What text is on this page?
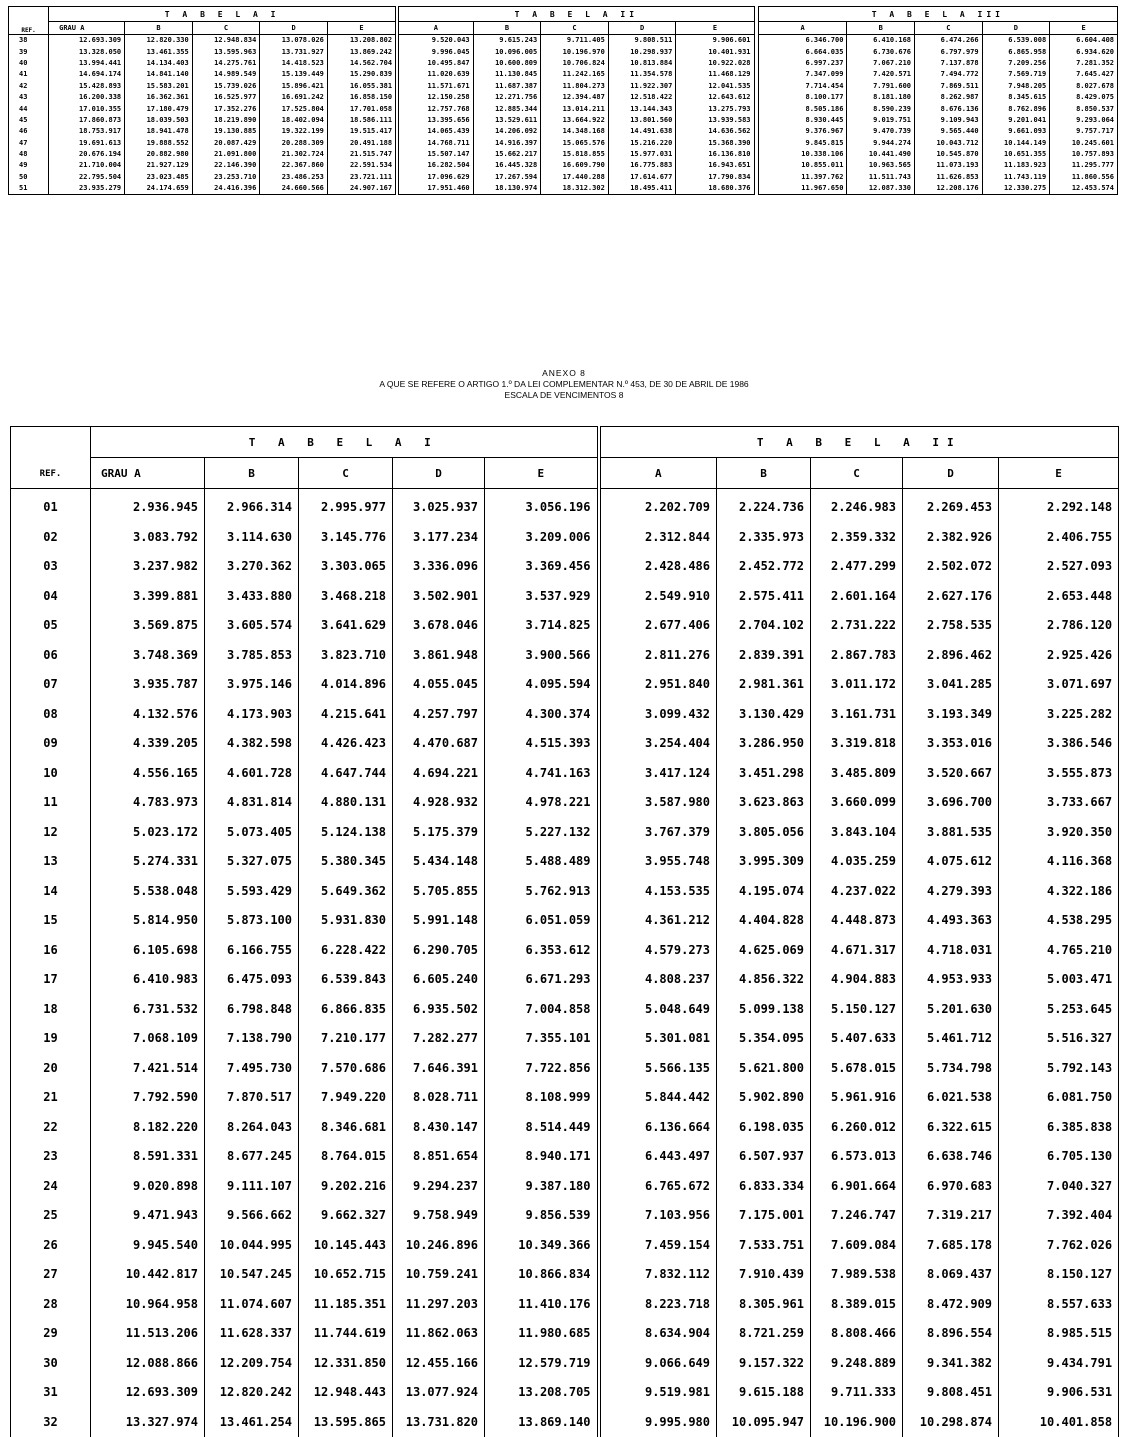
REF.	T A B E L A I					T A B E L A II						T A B E L A III				
	GRAU A	B	C	D	E	A	B	C	D	E		A	B	C	D	E
38	12.693.309	12.820.330	12.948.834	13.078.026	13.208.802	9.520.043	9.615.243	9.711.405	9.808.511	9.906.601		6.346.700	6.410.168	6.474.266	6.539.008	6.604.408
39	13.328.050	13.461.355	13.595.963	13.731.927	13.869.242	9.996.045	10.096.005	10.196.970	10.298.937	10.401.931		6.664.035	6.730.676	6.797.979	6.865.958	6.934.620
40	13.994.441	14.134.403	14.275.761	14.418.523	14.562.704	10.495.847	10.600.809	10.706.824	10.813.884	10.922.028		6.997.237	7.067.210	7.137.878	7.209.256	7.281.352
41	14.694.174	14.841.140	14.989.549	15.139.449	15.290.839	11.020.639	11.130.845	11.242.165	11.354.578	11.468.129		7.347.099	7.420.571	7.494.772	7.569.719	7.645.427
42	15.428.893	15.583.201	15.739.026	15.896.421	16.055.381	11.571.671	11.687.387	11.804.273	11.922.307	12.041.535		7.714.454	7.791.600	7.869.511	7.948.205	8.027.678
43	16.200.338	16.362.361	16.525.977	16.691.242	16.858.150	12.150.258	12.271.756	12.394.487	12.518.422	12.643.612		8.100.177	8.181.180	8.262.987	8.345.615	8.429.075
44	17.010.355	17.180.479	17.352.276	17.525.804	17.701.058	12.757.768	12.885.344	13.014.211	13.144.343	13.275.793		8.505.186	8.590.239	8.676.136	8.762.896	8.850.537
45	17.860.873	18.039.503	18.219.890	18.402.094	18.586.111	13.395.656	13.529.611	13.664.922	13.801.560	13.939.583		8.930.445	9.019.751	9.109.943	9.201.041	9.293.064
46	18.753.917	18.941.478	19.130.885	19.322.199	19.515.417	14.065.439	14.206.092	14.348.168	14.491.638	14.636.562		9.376.967	9.470.739	9.565.440	9.661.093	9.757.717
47	19.691.613	19.888.552	20.087.429	20.288.309	20.491.188	14.768.711	14.916.397	15.065.576	15.216.220	15.368.390		9.845.815	9.944.274	10.043.712	10.144.149	10.245.601
48	20.676.194	20.882.980	21.091.800	21.302.724	21.515.747	15.507.147	15.662.217	15.818.855	15.977.031	16.136.810		10.338.106	10.441.490	10.545.870	10.651.355	10.757.893
49	21.710.004	21.927.129	22.146.390	22.367.860	22.591.534	16.282.504	16.445.328	16.609.790	16.775.883	16.943.651		10.855.011	10.963.565	11.073.193	11.183.923	11.295.777
50	22.795.504	23.023.485	23.253.710	23.486.253	23.721.111	17.096.629	17.267.594	17.440.288	17.614.677	17.790.834		11.397.762	11.511.743	11.626.853	11.743.119	11.860.556
51	23.935.279	24.174.659	24.416.396	24.660.566	24.907.167	17.951.460	18.130.974	18.312.302	18.495.411	18.680.376		11.967.650	12.087.330	12.208.176	12.330.275	12.453.574
ANEXO 8
A QUE SE REFERE O ARTIGO 1.º DA LEI COMPLEMENTAR N.º 453, DE 30 DE ABRIL DE 1986
ESCALA DE VENCIMENTOS 8
REF.	T A B E L A I					T A B E L A II				
	GRAU A	B	C	D	E	A	B	C	D	E
01	2.936.945	2.966.314	2.995.977	3.025.937	3.056.196	2.202.709	2.224.736	2.246.983	2.269.453	2.292.148
02	3.083.792	3.114.630	3.145.776	3.177.234	3.209.006	2.312.844	2.335.973	2.359.332	2.382.926	2.406.755
03	3.237.982	3.270.362	3.303.065	3.336.096	3.369.456	2.428.486	2.452.772	2.477.299	2.502.072	2.527.093
04	3.399.881	3.433.880	3.468.218	3.502.901	3.537.929	2.549.910	2.575.411	2.601.164	2.627.176	2.653.448
05	3.569.875	3.605.574	3.641.629	3.678.046	3.714.825	2.677.406	2.704.102	2.731.222	2.758.535	2.786.120
06	3.748.369	3.785.853	3.823.710	3.861.948	3.900.566	2.811.276	2.839.391	2.867.783	2.896.462	2.925.426
07	3.935.787	3.975.146	4.014.896	4.055.045	4.095.594	2.951.840	2.981.361	3.011.172	3.041.285	3.071.697
08	4.132.576	4.173.903	4.215.641	4.257.797	4.300.374	3.099.432	3.130.429	3.161.731	3.193.349	3.225.282
09	4.339.205	4.382.598	4.426.423	4.470.687	4.515.393	3.254.404	3.286.950	3.319.818	3.353.016	3.386.546
10	4.556.165	4.601.728	4.647.744	4.694.221	4.741.163	3.417.124	3.451.298	3.485.809	3.520.667	3.555.873
11	4.783.973	4.831.814	4.880.131	4.928.932	4.978.221	3.587.980	3.623.863	3.660.099	3.696.700	3.733.667
12	5.023.172	5.073.405	5.124.138	5.175.379	5.227.132	3.767.379	3.805.056	3.843.104	3.881.535	3.920.350
13	5.274.331	5.327.075	5.380.345	5.434.148	5.488.489	3.955.748	3.995.309	4.035.259	4.075.612	4.116.368
14	5.538.048	5.593.429	5.649.362	5.705.855	5.762.913	4.153.535	4.195.074	4.237.022	4.279.393	4.322.186
15	5.814.950	5.873.100	5.931.830	5.991.148	6.051.059	4.361.212	4.404.828	4.448.873	4.493.363	4.538.295
16	6.105.698	6.166.755	6.228.422	6.290.705	6.353.612	4.579.273	4.625.069	4.671.317	4.718.031	4.765.210
17	6.410.983	6.475.093	6.539.843	6.605.240	6.671.293	4.808.237	4.856.322	4.904.883	4.953.933	5.003.471
18	6.731.532	6.798.848	6.866.835	6.935.502	7.004.858	5.048.649	5.099.138	5.150.127	5.201.630	5.253.645
19	7.068.109	7.138.790	7.210.177	7.282.277	7.355.101	5.301.081	5.354.095	5.407.633	5.461.712	5.516.327
20	7.421.514	7.495.730	7.570.686	7.646.391	7.722.856	5.566.135	5.621.800	5.678.015	5.734.798	5.792.143
21	7.792.590	7.870.517	7.949.220	8.028.711	8.108.999	5.844.442	5.902.890	5.961.916	6.021.538	6.081.750
22	8.182.220	8.264.043	8.346.681	8.430.147	8.514.449	6.136.664	6.198.035	6.260.012	6.322.615	6.385.838
23	8.591.331	8.677.245	8.764.015	8.851.654	8.940.171	6.443.497	6.507.937	6.573.013	6.638.746	6.705.130
24	9.020.898	9.111.107	9.202.216	9.294.237	9.387.180	6.765.672	6.833.334	6.901.664	6.970.683	7.040.327
25	9.471.943	9.566.662	9.662.327	9.758.949	9.856.539	7.103.956	7.175.001	7.246.747	7.319.217	7.392.404
26	9.945.540	10.044.995	10.145.443	10.246.896	10.349.366	7.459.154	7.533.751	7.609.084	7.685.178	7.762.026
27	10.442.817	10.547.245	10.652.715	10.759.241	10.866.834	7.832.112	7.910.439	7.989.538	8.069.437	8.150.127
28	10.964.958	11.074.607	11.185.351	11.297.203	11.410.176	8.223.718	8.305.961	8.389.015	8.472.909	8.557.633
29	11.513.206	11.628.337	11.744.619	11.862.063	11.980.685	8.634.904	8.721.259	8.808.466	8.896.554	8.985.515
30	12.088.866	12.209.754	12.331.850	12.455.166	12.579.719	9.066.649	9.157.322	9.248.889	9.341.382	9.434.791
31	12.693.309	12.820.242	12.948.443	13.077.924	13.208.705	9.519.981	9.615.188	9.711.333	9.808.451	9.906.531
32	13.327.974	13.461.254	13.595.865	13.731.820	13.869.140	9.995.980	10.095.947	10.196.900	10.298.874	10.401.858
